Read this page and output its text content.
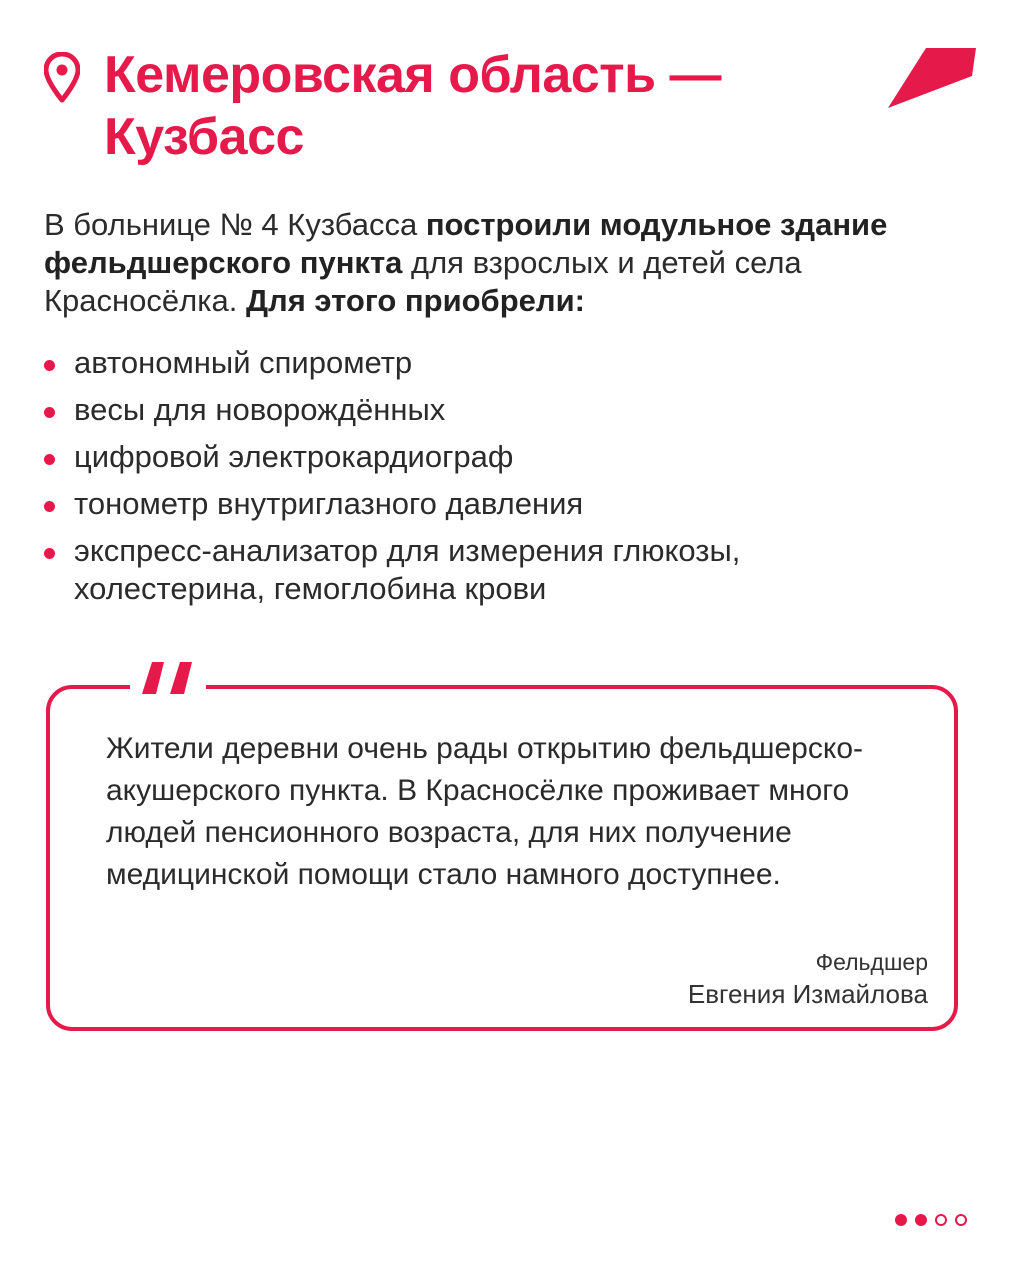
Кемеровская область — Кузбасс

В больнице № 4 Кузбасса построили модульное здание фельдшерского пункта для взрослых и детей села Красносёлка. Для этого приобрели:

автономный спирометр
весы для новорождённых
цифровой электрокардиограф
тонометр внутриглазного давления
экспресс-анализатор для измерения глюкозы, холестерина, гемоглобина крови

Жители деревни очень рады открытию фельдшерско-акушерского пункта. В Красносёлке проживает много людей пенсионного возраста, для них получение медицинской помощи стало намного доступнее.

Фельдшер
Евгения Измайлова
